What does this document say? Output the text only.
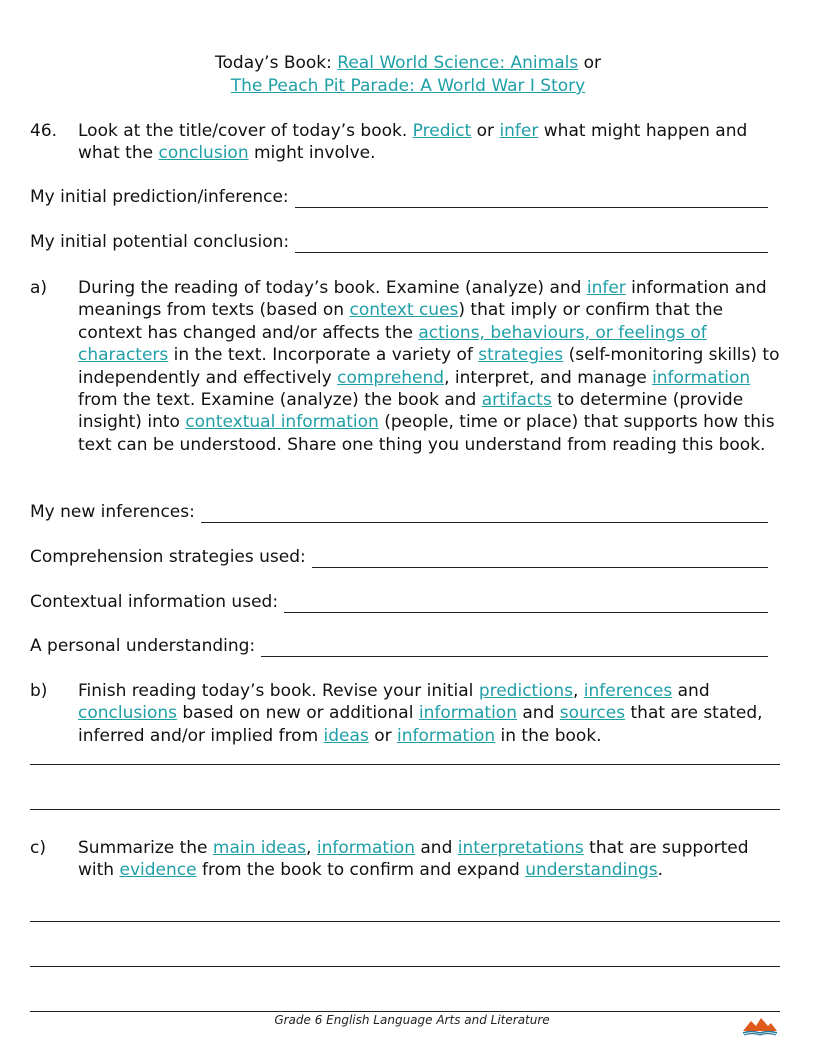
Today’s Book: Real World Science: Animals or
The Peach Pit Parade: A World War I Story
46. Look at the title/cover of today’s book. Predict or infer what might happen and what the conclusion might involve.
My initial prediction/inference:
My initial potential conclusion:
a) During the reading of today’s book. Examine (analyze) and infer information and meanings from texts (based on context cues) that imply or confirm that the context has changed and/or affects the actions, behaviours, or feelings of characters in the text. Incorporate a variety of strategies (self-monitoring skills) to independently and effectively comprehend, interpret, and manage information from the text. Examine (analyze) the book and artifacts to determine (provide insight) into contextual information (people, time or place) that supports how this text can be understood. Share one thing you understand from reading this book.
My new inferences:
Comprehension strategies used:
Contextual information used:
A personal understanding:
b) Finish reading today’s book. Revise your initial predictions, inferences and conclusions based on new or additional information and sources that are stated, inferred and/or implied from ideas or information in the book.
c) Summarize the main ideas, information and interpretations that are supported with evidence from the book to confirm and expand understandings.
Grade 6 English Language Arts and Literature
